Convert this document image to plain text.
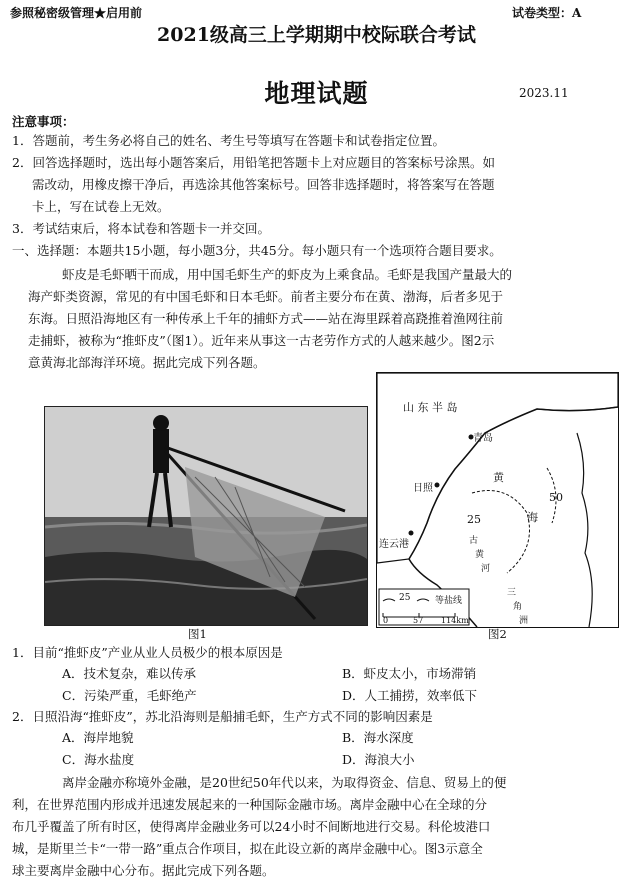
参照秘密级管理★启用前	试卷类型：A
2021级高三上学期期中校际联合考试
地理试题	2023.11
注意事项：

1．答题前，考生务必将自己的姓名、考生号等填写在答题卡和试卷指定位置。

2．回答选择题时，选出每小题答案后，用铅笔把答题卡上对应题目的答案标号涂黑。如

需改动，用橡皮擦干净后，再选涂其他答案标号。回答非选择题时，将答案写在答题

卡上，写在试卷上无效。

3．考试结束后，将本试卷和答题卡一并交回。

一、选择题：本题共15小题，每小题3分，共45分。每小题只有一个选项符合题目要求。

虾皮是毛虾晒干而成，用中国毛虾生产的虾皮为上乘食品。毛虾是我国产量最大的

海产虾类资源，常见的有中国毛虾和日本毛虾。前者主要分布在黄、渤海，后者多见于

东海。日照沿海地区有一种传承上千年的捕虾方式——站在海里踩着高跷推着渔网往前

走捕虾，被称为“推虾皮”（图1）。近年来从事这一古老劳作方式的人越来越少。图2示

意黄海北部海洋环境。据此完成下列各题。

图1
山 东 半 岛
青岛
日照
黄
海
连云港
50
25
古
黄
河
三
角
洲
25	等盐线
0	57 114km
图2
1．目前“推虾皮”产业从业人员极少的根本原因是
A．技术复杂，难以传承	B．虾皮太小，市场滞销
C．污染严重，毛虾绝产	D．人工捕捞，效率低下
2．日照沿海“推虾皮”，苏北沿海则是船捕毛虾，生产方式不同的影响因素是
A．海岸地貌	B．海水深度
C．海水盐度	D．海浪大小

离岸金融亦称境外金融，是20世纪50年代以来，为取得资金、信息、贸易上的便

利，在世界范围内形成并迅速发展起来的一种国际金融市场。离岸金融中心在全球的分

布几乎覆盖了所有时区，使得离岸金融业务可以24小时不间断地进行交易。科伦坡港口

城，是斯里兰卡“一带一路”重点合作项目，拟在此设立新的离岸金融中心。图3示意全

球主要离岸金融中心分布。据此完成下列各题。
